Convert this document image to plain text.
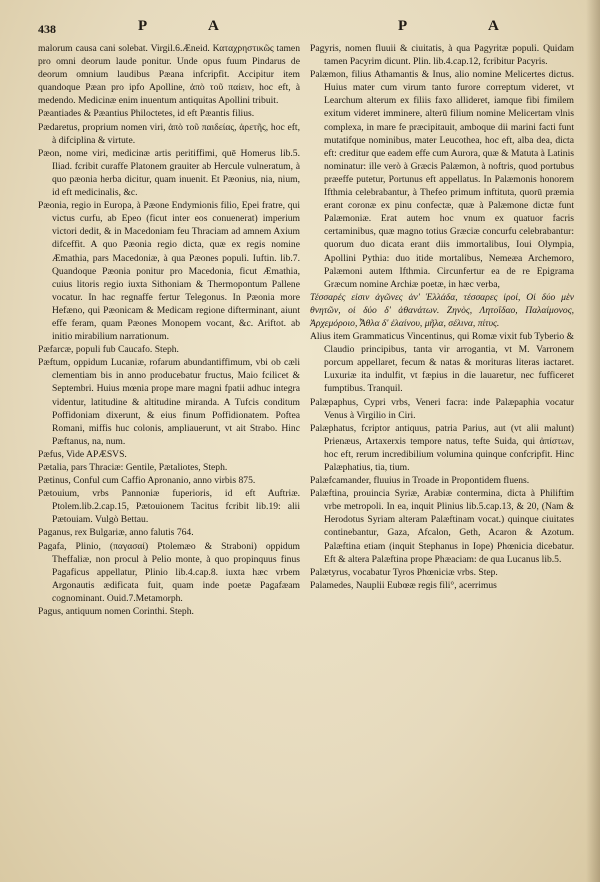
438	P	A	P	A

malorum causa cani solebat. Virgil.6.Æneid. Καταχρηστικῶς tamen pro omni deorum laude ponitur. Unde opus fuum Pindarus de deorum omnium laudibus Pæana infcripfit. Accipitur item quandoque Pæan pro ipfo Apolline, ἀπὸ τοῦ παίειν, hoc eft, à medendo. Medicinæ enim inuentum antiquitas Apollini tribuit.

Pæantiades & Pæantius Philoctetes, id eft Pæantis filius.

Pædaretus, proprium nomen viri, ἀπὸ τοῦ παιδείας, ἀρετῆς, hoc eft, à difciplina & virtute.

Pæon, nome viri, medicinæ artis peritiffimi, quē Homerus lib.5. Iliad. fcribit curaffe Platonem grauiter ab Hercule vulneratum, à quo pæonia herba dicitur, quam inuenit. Et Pæonius, nia, nium, id eft medicinalis, &c.

Pæonia, regio in Europa, à Pæone Endymionis filio, Epei fratre, qui victus curfu, ab Epeo (ficut inter eos conuenerat) imperium victori dedit, & in Macedoniam feu Thraciam ad amnem Axium difceffit. A quo Pæonia regio dicta, quæ ex regis nomine Æmathia, pars Macedoniæ, à qua Pæones populi. Iuftin. lib.7. Quandoque Pæonia ponitur pro Macedonia, ficut Æmathia, cuius litoris regio iuxta Sithoniam & Thermopontum Pallene vocatur. In hac regnaffe fertur Telegonus. In Pæonia more Hefæno, qui Pæonicam & Medicam regione difterminant, aiunt effe feram, quam Pæones Monopem vocant, &c. Ariftot. ab initio mirabilium narrationum.

Pæfarcæ, populi fub Caucafo. Steph.

Pæftum, oppidum Lucaniæ, rofarum abundantiffimum, vbi ob cæli clementiam bis in anno producebatur fructus, Maio fcilicet & Septembri. Huius mœnia prope mare magni fpatii adhuc integra videntur, latitudine & altitudine miranda. A Tufcis conditum Poffidoniam dixerunt, & eius finum Poffidionatem. Poftea Romani, miffis huc colonis, ampliauerunt, vt ait Strabo. Hinc Pæftanus, na, num.

Pæfus, Vide APÆSVS.

Pætalia, pars Thraciæ: Gentile, Pætaliotes, Steph.

Pætinus, Conful cum Caffio Apronanio, anno virbis 875.

Pætouium, vrbs Pannoniæ fuperioris, id eft Auftriæ. Ptolem.lib.2.cap.15, Pætouionem Tacitus fcribit lib.19: alii Pætouiam. Vulgò Bettau.

Paganus, rex Bulgariæ, anno falutis 764.

Pagafa, Plinio, (παγασαί) Ptolemæo & Straboni) oppidum Theffaliæ, non procul à Pelio monte, à quo propinquus finus Pagaficus appellatur, Plinio lib.4.cap.8. iuxta hæc vrbem Argonautis ædificata fuit, quam inde poetæ Pagafæam cognominant. Ouid.7.Metamorph.

Pagus, antiquum nomen Corinthi. Steph.

Pagyris, nomen fluuii & ciuitatis, à qua Pagyritæ populi. Quidam tamen Pacyrim dicunt. Plin. lib.4.cap.12, fcribitur Pacyris.

Palæmon, filius Athamantis & Inus, alio nomine Melicertes dictus. Huius mater cum virum tanto furore correptum videret, vt Learchum alterum ex filiis faxo allideret, iamque fibi fimilem exitum videret imminere, alterū filium nomine Melicertam vlnis complexa, in mare fe præcipitauit, amboque dii marini facti funt mutatifque nominibus, mater Leucothea, hoc eft, alba dea, dicta eft: creditur que eadem effe cum Aurora, quæ & Matuta à Latinis nominatur: ille verò à Græcis Palæmon, à noftris, quod portubus præeffe putetur, Portunus eft appellatus. In Palæmonis honorem Ifthmia celebrabantur, à Thefeo primum inftituta, quorū præmia erant coronæ ex pinu confectæ, quæ à Palæmone dictæ funt Palæmoniæ. Erat autem hoc vnum ex quatuor facris certaminibus, quæ magno totius Græciæ concurfu celebrabantur: quorum duo dicata erant diis immortalibus, Ioui Olympia, Apollini Pythia: duo itide mortalibus, Nemeæa Archemoro, Palæmoni autem Ifthmia. Circunfertur ea de re Epigrama Græcum nomine Archiæ poetæ, in hæc verba,

Τέσσαρές εἰσιν ἀγῶνες ἀν' Ἑλλάδα, τέσσαρες ἱροί, Οἱ δύο μὲν θνητῶν, οἱ δύο δ' ἀθανάτων. Ζηνὸς, Λητοΐδαο, Παλαίμονος, Ἀρχεμόροιο, Ἆθλα δ' ἐλαίνου, μῆλα, σέλινα, πίτυς.

Alius item Grammaticus Vincentinus, qui Romæ vixit fub Tyberio & Claudio principibus, tanta vir arrogantia, vt M. Varronem porcum appellaret, fecum & natas & morituras literas iactaret. Luxuriæ ita indulfit, vt fæpius in die lauaretur, nec fufficeret fumptibus. Tranquil.

Palæpaphus, Cypri vrbs, Veneri facra: inde Palæpaphia vocatur Venus à Virgilio in Ciri.

Palæphatus, fcriptor antiquus, patria Parius, aut (vt alii malunt) Prienæus, Artaxerxis tempore natus, tefte Suida, qui ἀπίστων, hoc eft, rerum incredibilium volumina quinque confcripfit. Hinc Palæphatius, tia, tium.

Palæfcamander, fluuius in Troade in Propontidem fluens.

Palæftina, prouincia Syriæ, Arabiæ contermina, dicta à Philiftim vrbe metropoli. In ea, inquit Plinius lib.5.cap.13, & 20, (Nam & Herodotus Syriam alteram Palæftinam vocat.) quinque ciuitates continebantur, Gaza, Afcalon, Geth, Acaron & Azotum. Palæftina etiam (inquit Stephanus in Iope) Phœnicia dicebatur. Eft & altera Palæftina prope Phæaciam: de qua Lucanus lib.5.

Palætyrus, vocabatur Tyros Phœniciæ vrbs. Step.

Palamedes, Nauplii Eubœæ regis fili°, acerrimus
